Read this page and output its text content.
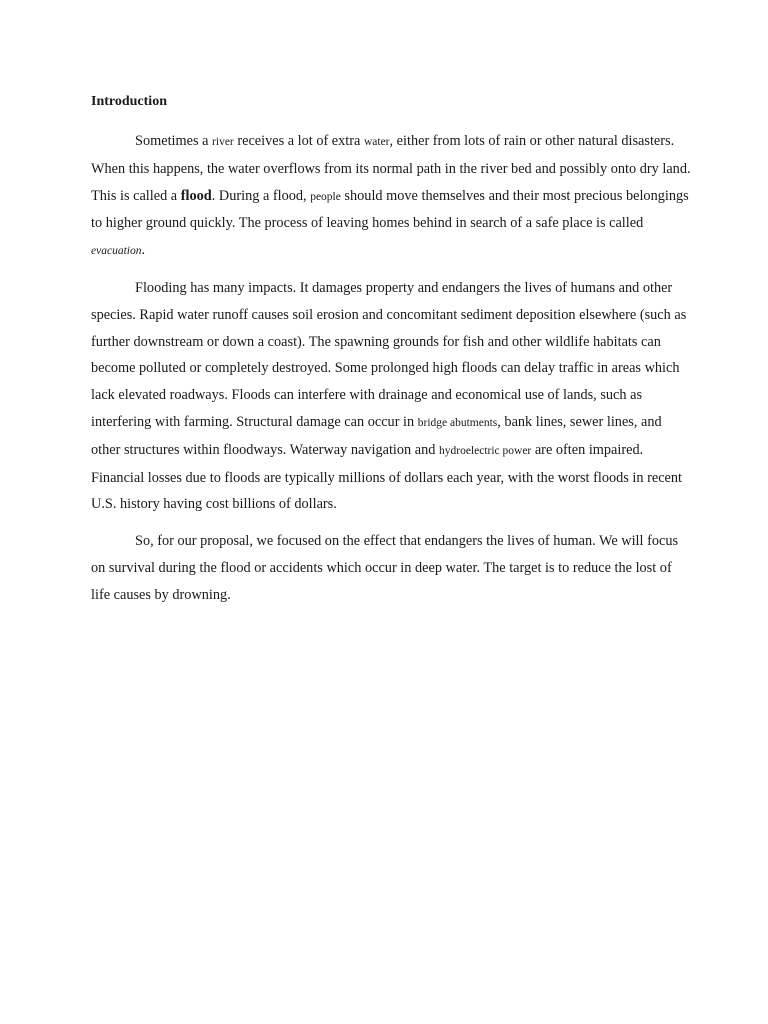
Introduction

Sometimes a river receives a lot of extra water, either from lots of rain or other natural disasters. When this happens, the water overflows from its normal path in the river bed and possibly onto dry land. This is called a flood. During a flood, people should move themselves and their most precious belongings to higher ground quickly. The process of leaving homes behind in search of a safe place is called evacuation.

Flooding has many impacts. It damages property and endangers the lives of humans and other species. Rapid water runoff causes soil erosion and concomitant sediment deposition elsewhere (such as further downstream or down a coast). The spawning grounds for fish and other wildlife habitats can become polluted or completely destroyed. Some prolonged high floods can delay traffic in areas which lack elevated roadways. Floods can interfere with drainage and economical use of lands, such as interfering with farming. Structural damage can occur in bridge abutments, bank lines, sewer lines, and other structures within floodways. Waterway navigation and hydroelectric power are often impaired. Financial losses due to floods are typically millions of dollars each year, with the worst floods in recent U.S. history having cost billions of dollars.

So, for our proposal, we focused on the effect that endangers the lives of human. We will focus on survival during the flood or accidents which occur in deep water. The target is to reduce the lost of life causes by drowning.
